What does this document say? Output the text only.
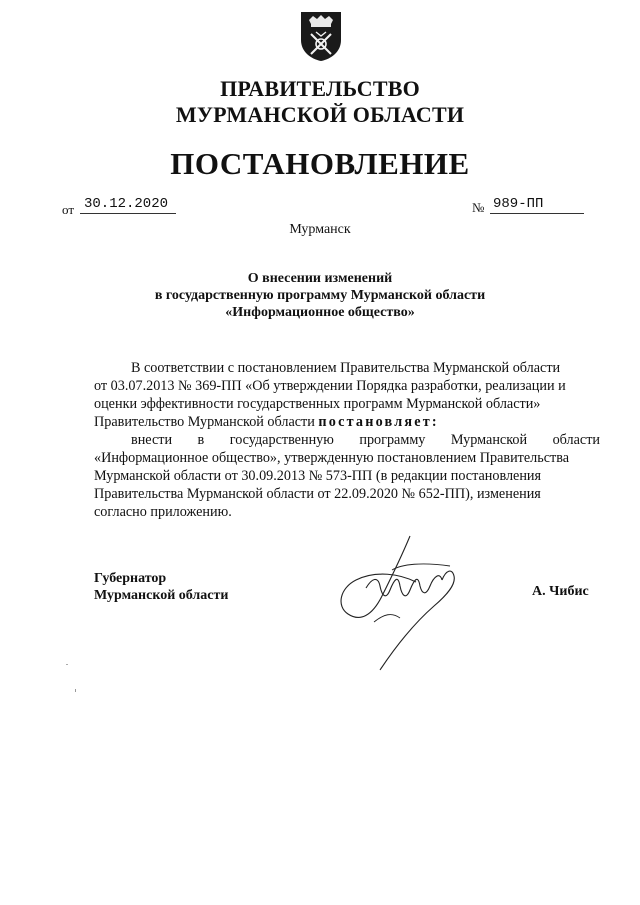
ПРАВИТЕЛЬСТВО
МУРМАНСКОЙ ОБЛАСТИ
ПОСТАНОВЛЕНИЕ
от 30.12.2020	№ 989-ПП
Мурманск
О внесении изменений
в государственную программу Мурманской области
«Информационное общество»
В соответствии с постановлением Правительства Мурманской области
от 03.07.2013 № 369-ПП «Об утверждении Порядка разработки, реализации и
оценки эффективности государственных программ Мурманской области»
Правительство Мурманской области постановляет:
внести в государственную программу Мурманской области
«Информационное общество», утвержденную постановлением Правительства
Мурманской области от 30.09.2013 № 573-ПП (в редакции постановления
Правительства Мурманской области от 22.09.2020 № 652-ПП), изменения
согласно приложению.
Губернатор
Мурманской области	А. Чибис
